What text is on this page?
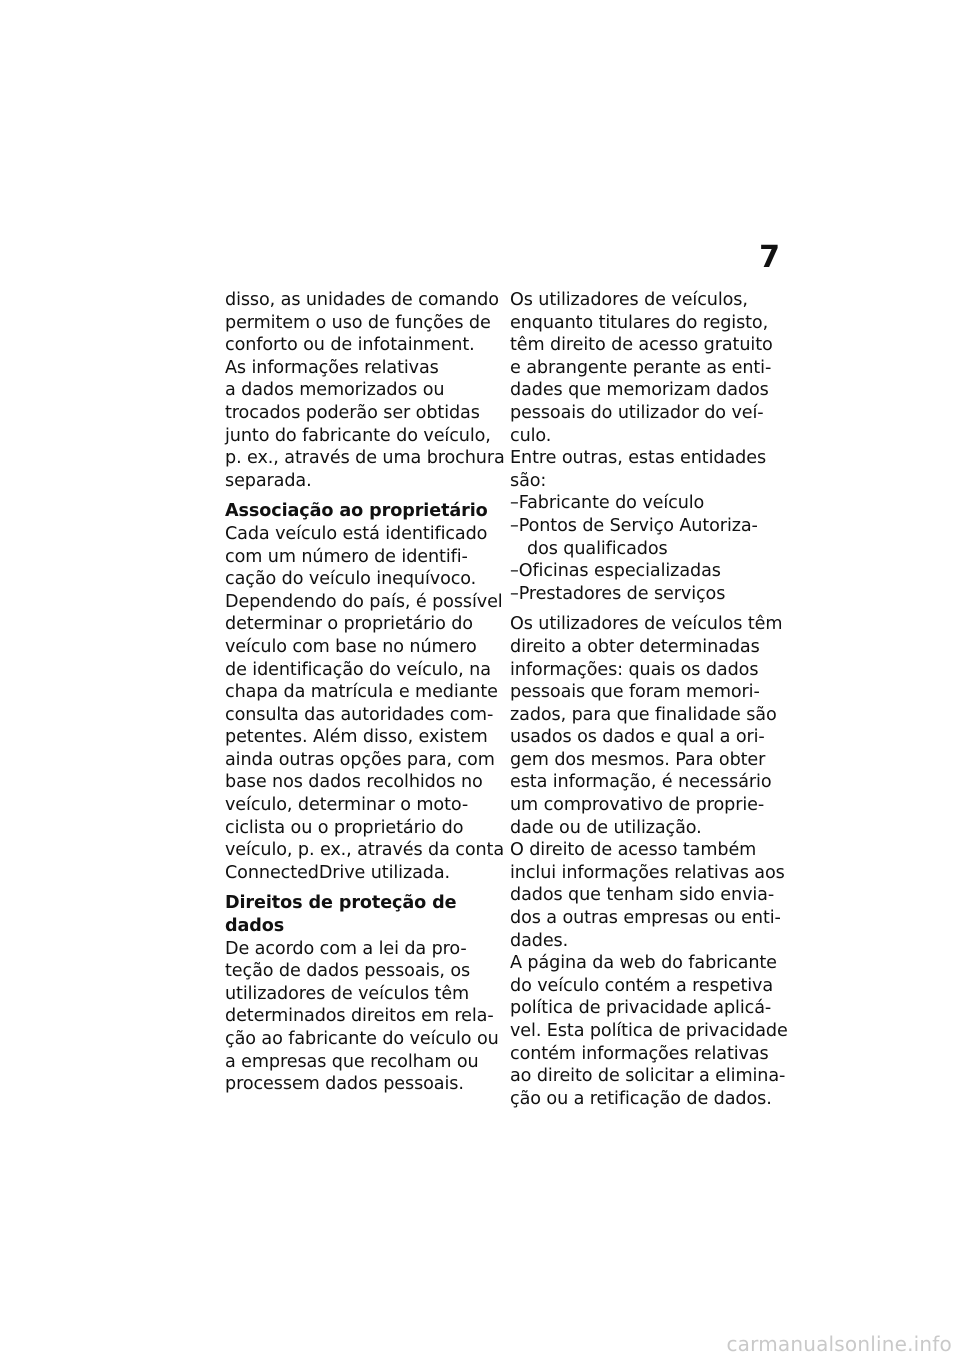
7

disso, as unidades de comando
permitem o uso de funções de
conforto ou de infotainment.
As informações relativas
a dados memorizados ou
trocados poderão ser obtidas
junto do fabricante do veículo,
p. ex., através de uma brochura
separada.

Associação ao proprietário

Cada veículo está identificado
com um número de identifi-
cação do veículo inequívoco.
Dependendo do país, é possível
determinar o proprietário do
veículo com base no número
de identificação do veículo, na
chapa da matrícula e mediante
consulta das autoridades com-
petentes. Além disso, existem
ainda outras opções para, com
base nos dados recolhidos no
veículo, determinar o moto-
ciclista ou o proprietário do
veículo, p. ex., através da conta
ConnectedDrive utilizada.

Direitos de proteção de dados

De acordo com a lei da pro-
teção de dados pessoais, os
utilizadores de veículos têm
determinados direitos em rela-
ção ao fabricante do veículo ou
a empresas que recolham ou
processem dados pessoais.

Os utilizadores de veículos,
enquanto titulares do registo,
têm direito de acesso gratuito
e abrangente perante as enti-
dades que memorizam dados
pessoais do utilizador do veí-
culo.
Entre outras, estas entidades
são:

–Fabricante do veículo
–Pontos de Serviço Autoriza-
dos qualificados
–Oficinas especializadas
–Prestadores de serviços

Os utilizadores de veículos têm
direito a obter determinadas
informações: quais os dados
pessoais que foram memori-
zados, para que finalidade são
usados os dados e qual a ori-
gem dos mesmos. Para obter
esta informação, é necessário
um comprovativo de proprie-
dade ou de utilização.
O direito de acesso também
inclui informações relativas aos
dados que tenham sido envia-
dos a outras empresas ou enti-
dades.
A página da web do fabricante
do veículo contém a respetiva
política de privacidade aplicá-
vel. Esta política de privacidade
contém informações relativas
ao direito de solicitar a elimina-
ção ou a retificação de dados.

carmanualsonline.info
